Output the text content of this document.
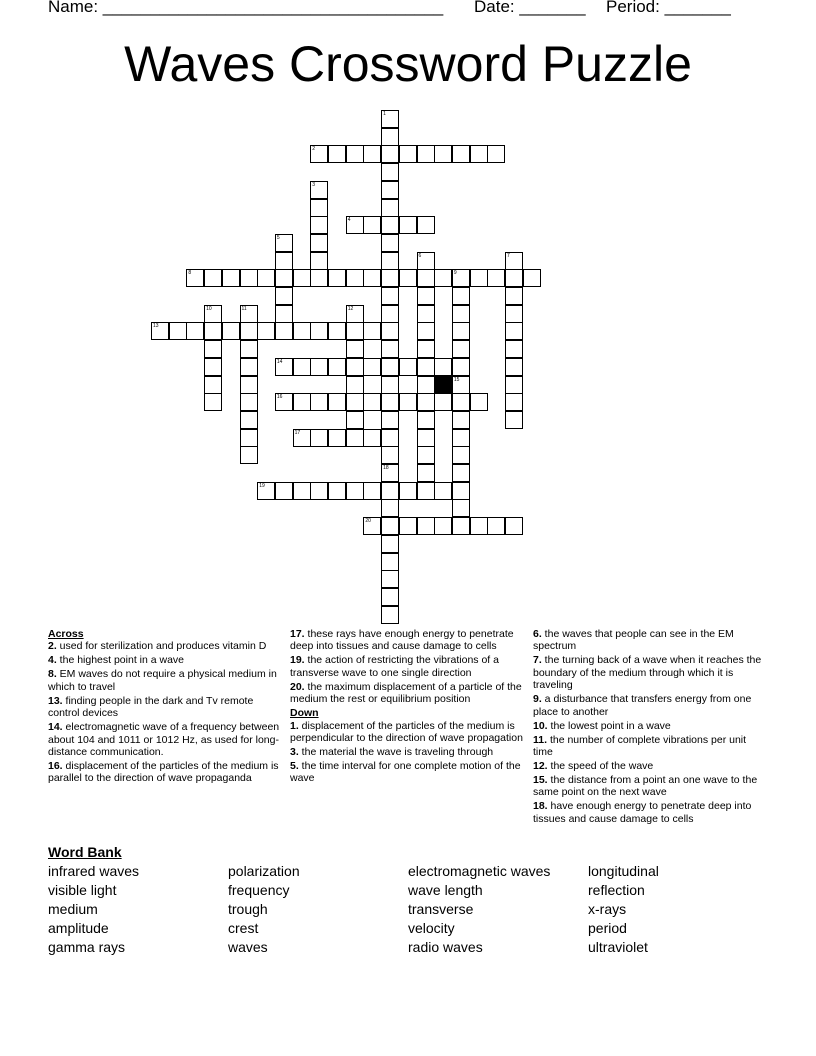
Name: ____________________________________ Date: _______ Period: _______
Waves Crossword Puzzle
1
2
3
4
5
6	7
8	9
10	11	12
13
14
15
16
17
18
19
20
Across
2. used for sterilization and produces vitamin D
4. the highest point in a wave
8. EM waves do not require a physical medium in which to travel
13. finding people in the dark and Tv remote control devices
14. electromagnetic wave of a frequency between about 104 and 1011 or 1012 Hz, as used for long-distance communication.
16. displacement of the particles of the medium is parallel to the direction of wave propaganda
17. these rays have enough energy to penetrate deep into tissues and cause damage to cells
19. the action of restricting the vibrations of a transverse wave to one single direction
20. the maximum displacement of a particle of the medium the rest or equilibrium position
Down
1. displacement of the particles of the medium is perpendicular to the direction of wave propagation
3. the material the wave is traveling through
5. the time interval for one complete motion of the wave
6. the waves that people can see in the EM spectrum
7. the turning back of a wave when it reaches the boundary of the medium through which it is traveling
9. a disturbance that transfers energy from one place to another
10. the lowest point in a wave
11. the number of complete vibrations per unit time
12. the speed of the wave
15. the distance from a point an one wave to the same point on the next wave
18. have enough energy to penetrate deep into tissues and cause damage to cells
Word Bank
infrared waves	polarization	electromagnetic waves	longitudinal
visible light	frequency	wave length	reflection
medium	trough	transverse	x-rays
amplitude	crest	velocity	period
gamma rays	waves	radio waves	ultraviolet
